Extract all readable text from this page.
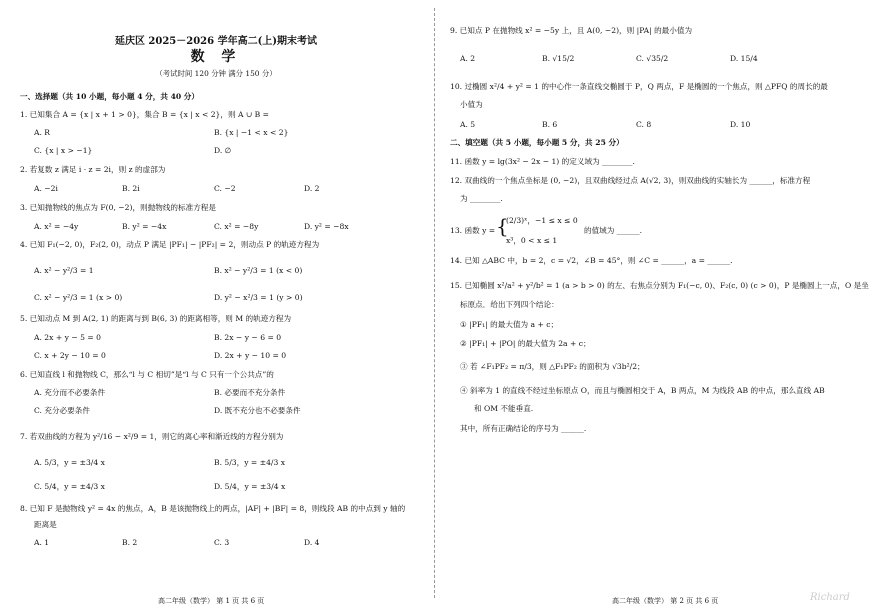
延庆区 2025－2026 学年高二(上)期末考试
数 学
（考试时间 120 分钟 满分 150 分）
一、选择题（共 10 小题，每小题 4 分，共 40 分）
1. 已知集合 A = {x | x + 1 > 0}，集合 B = {x | x < 2}，则 A ∪ B =
A. R	B. {x | −1 < x < 2}
C. {x | x > −1}	D. ∅
2. 若复数 z 满足 i · z = 2i，则 z 的虚部为
A. −2i	B. 2i	C. −2	D. 2
3. 已知抛物线的焦点为 F(0, −2)，则抛物线的标准方程是
A. x² = −4y	B. y² = −4x	C. x² = −8y	D. y² = −8x
4. 已知 F₁(−2, 0)，F₂(2, 0)，动点 P 满足 |PF₁| − |PF₂| = 2，则动点 P 的轨迹方程为
A. x² − y²/3 = 1	B. x² − y²/3 = 1 (x < 0)
C. x² − y²/3 = 1 (x > 0)	D. y² − x²/3 = 1 (y > 0)
5. 已知动点 M 到 A(2, 1) 的距离与到 B(6, 3) 的距离相等，则 M 的轨迹方程为
A. 2x + y − 5 = 0	B. 2x − y − 6 = 0
C. x + 2y − 10 = 0	D. 2x + y − 10 = 0
6. 已知直线 l 和抛物线 C，那么“l 与 C 相切”是“l 与 C 只有一个公共点”的
A. 充分而不必要条件	B. 必要而不充分条件
C. 充分必要条件	D. 既不充分也不必要条件
7. 若双曲线的方程为 y²/16 − x²/9 = 1，则它的离心率和渐近线的方程分别为
A. 5/3，y = ±3/4 x	B. 5/3，y = ±4/3 x
C. 5/4，y = ±4/3 x	D. 5/4，y = ±3/4 x
8. 已知 F 是抛物线 y² = 4x 的焦点，A，B 是该抛物线上的两点，|AF| + |BF| = 8，则线段 AB 的中点到 y 轴的
距离是
A. 1	B. 2	C. 3	D. 4
高二年级（数学） 第 1 页 共 6 页
9. 已知点 P 在抛物线 x² = −5y 上，且 A(0, −2)，则 |PA| 的最小值为
A. 2	B. √15/2	C. √35/2	D. 15/4
10. 过椭圆 x²/4 + y² = 1 的中心作一条直线交椭圆于 P，Q 两点，F 是椭圆的一个焦点，则 △PFQ 的周长的最
小值为
A. 5	B. 6	C. 8	D. 10
二、填空题（共 5 小题，每小题 5 分，共 25 分）
11. 函数 y = lg(3x² − 2x − 1) 的定义域为 ________.
12. 双曲线的一个焦点坐标是 (0, −2)，且双曲线经过点 A(√2, 3)，则双曲线的实轴长为 ______，标准方程
为 ________.
13. 函数 y = {
(2/3)ˣ，−1 ≤ x ≤ 0
x³，0 < x ≤ 1
的值域为 ______.
14. 已知 △ABC 中，b = 2，c = √2，∠B = 45°，则 ∠C = ______，a = ______.
15. 已知椭圆 x²/a² + y²/b² = 1 (a > b > 0) 的左、右焦点分别为 F₁(−c, 0)、F₂(c, 0) (c > 0)，P 是椭圆上一点，O 是坐
标原点．给出下列四个结论：
① |PF₁| 的最大值为 a + c；
② |PF₁| + |PO| 的最大值为 2a + c；
③ 若 ∠F₁PF₂ = π/3，则 △F₁PF₂ 的面积为 √3b²/2；
④ 斜率为 1 的直线不经过坐标原点 O，而且与椭圆相交于 A，B 两点，M 为线段 AB 的中点，那么直线 AB
和 OM 不能垂直.
其中，所有正确结论的序号为 ______.
高二年级（数学） 第 2 页 共 6 页	Richard
